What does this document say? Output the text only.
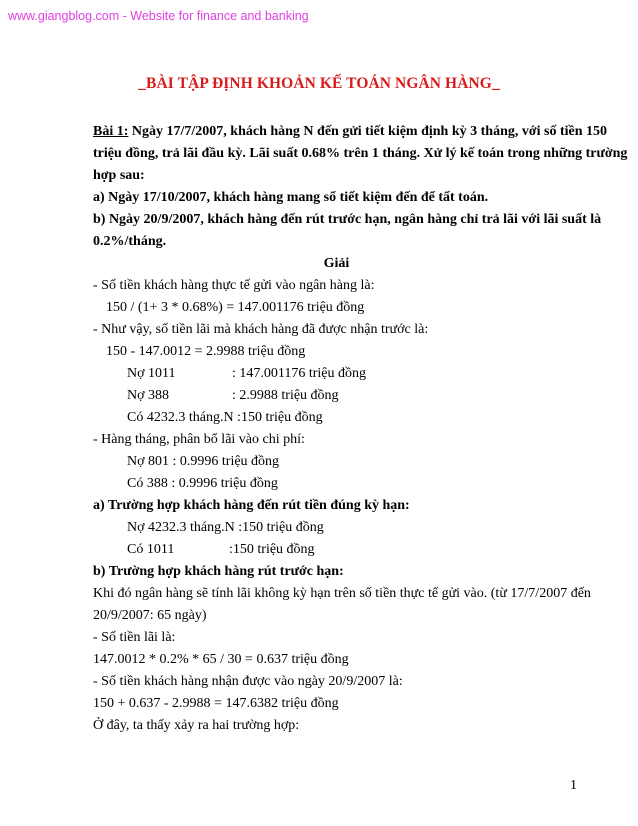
www.giangblog.com - Website for finance and banking
_BÀI TẬP ĐỊNH KHOẢN KẾ TOÁN NGÂN HÀNG_
Bài 1: Ngày 17/7/2007, khách hàng N đến gửi tiết kiệm định kỳ 3 tháng, với số tiền 150
triệu đồng, trả lãi đầu kỳ. Lãi suất 0.68% trên 1 tháng. Xử lý kế toán trong những trường
hợp sau:
a) Ngày 17/10/2007, khách hàng mang sổ tiết kiệm đến để tất toán.
b) Ngày 20/9/2007, khách hàng đến rút trước hạn, ngân hàng chỉ trả lãi với lãi suất là
0.2%/tháng.
Giải
- Số tiền khách hàng thực tế gửi vào ngân hàng là:
150 / (1+ 3 * 0.68%) = 147.001176 triệu đồng
- Như vậy, số tiền lãi mà khách hàng đã được nhận trước là:
150 - 147.0012 = 2.9988 triệu đồng
Nợ 1011	: 147.001176 triệu đồng
Nợ 388	: 2.9988 triệu đồng
Có 4232.3 tháng.N :150 triệu đồng
- Hàng tháng, phân bổ lãi vào chi phí:
Nợ 801 : 0.9996 triệu đồng
Có 388 : 0.9996 triệu đồng
a) Trường hợp khách hàng đến rút tiền đúng kỳ hạn:
Nợ 4232.3 tháng.N :150 triệu đồng
Có 1011	:150 triệu đồng
b) Trường hợp khách hàng rút trước hạn:
Khi đó ngân hàng sẽ tính lãi không kỳ hạn trên số tiền thực tế gửi vào. (từ 17/7/2007 đến
20/9/2007: 65 ngày)
- Số tiền lãi là:
147.0012 * 0.2% * 65 / 30 = 0.637 triệu đồng
- Số tiền khách hàng nhận được vào ngày 20/9/2007 là:
150 + 0.637 - 2.9988 = 147.6382 triệu đồng
Ở đây, ta thấy xảy ra hai trường hợp:
1
